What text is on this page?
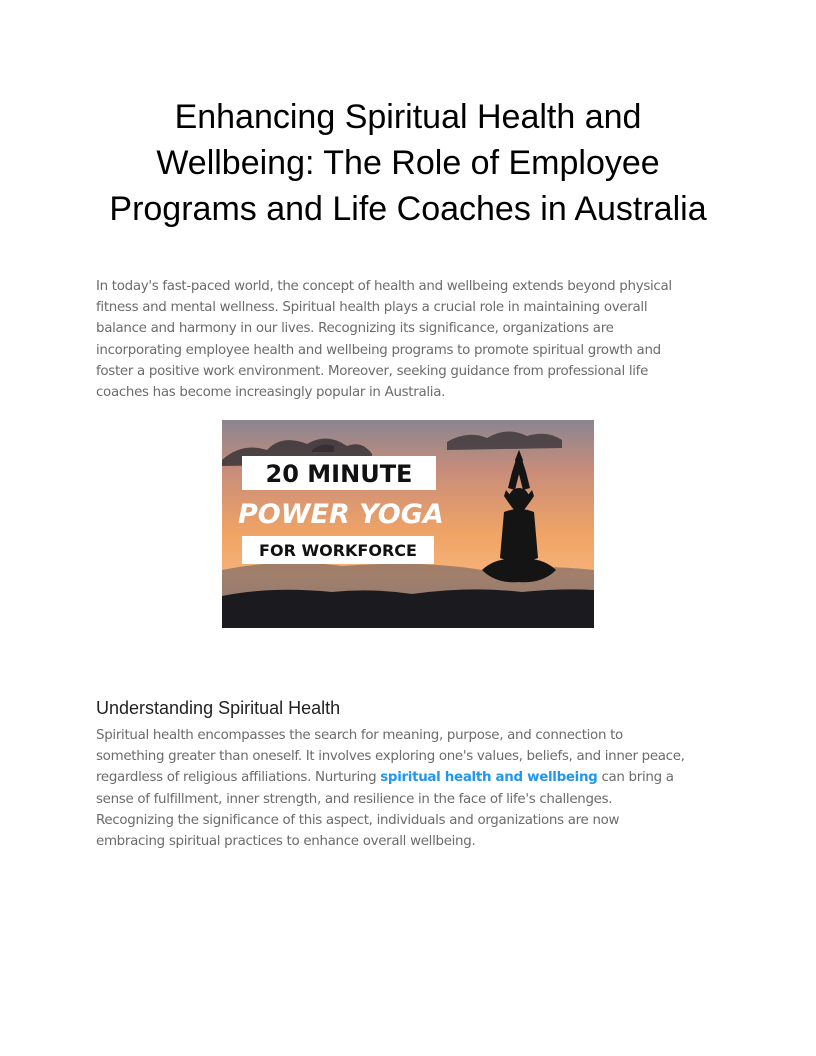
Enhancing Spiritual Health and
Wellbeing: The Role of Employee
Programs and Life Coaches in Australia

In today's fast-paced world, the concept of health and wellbeing extends beyond physical
fitness and mental wellness. Spiritual health plays a crucial role in maintaining overall
balance and harmony in our lives. Recognizing its significance, organizations are
incorporating employee health and wellbeing programs to promote spiritual growth and
foster a positive work environment. Moreover, seeking guidance from professional life
coaches has become increasingly popular in Australia.

20 MINUTE
POWER YOGA
FOR WORKFORCE
Understanding Spiritual Health

Spiritual health encompasses the search for meaning, purpose, and connection to
something greater than oneself. It involves exploring one's values, beliefs, and inner peace,
regardless of religious affiliations. Nurturing spiritual health and wellbeing can bring a
sense of fulfillment, inner strength, and resilience in the face of life's challenges.
Recognizing the significance of this aspect, individuals and organizations are now
embracing spiritual practices to enhance overall wellbeing.
